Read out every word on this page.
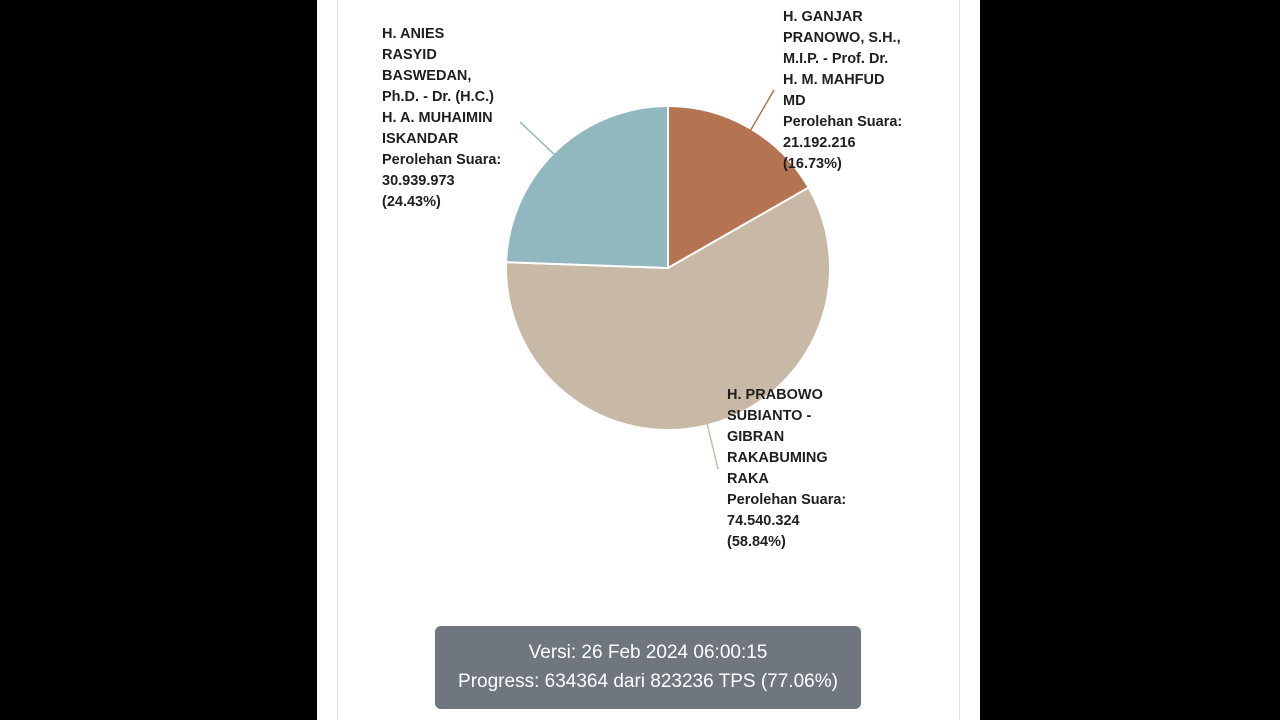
H. GANJAR
PRANOWO, S.H.,
M.I.P. - Prof. Dr.
H. M. MAHFUD
MD
Perolehan Suara:
21.192.216
(16.73%)
H. PRABOWO
SUBIANTO -
GIBRAN
RAKABUMING
RAKA
Perolehan Suara:
74.540.324
(58.84%)
H. ANIES
RASYID
BASWEDAN,
Ph.D. - Dr. (H.C.)
H. A. MUHAIMIN
ISKANDAR
Perolehan Suara:
30.939.973
(24.43%)
Versi: 26 Feb 2024 06:00:15
Progress: 634364 dari 823236 TPS (77.06%)
